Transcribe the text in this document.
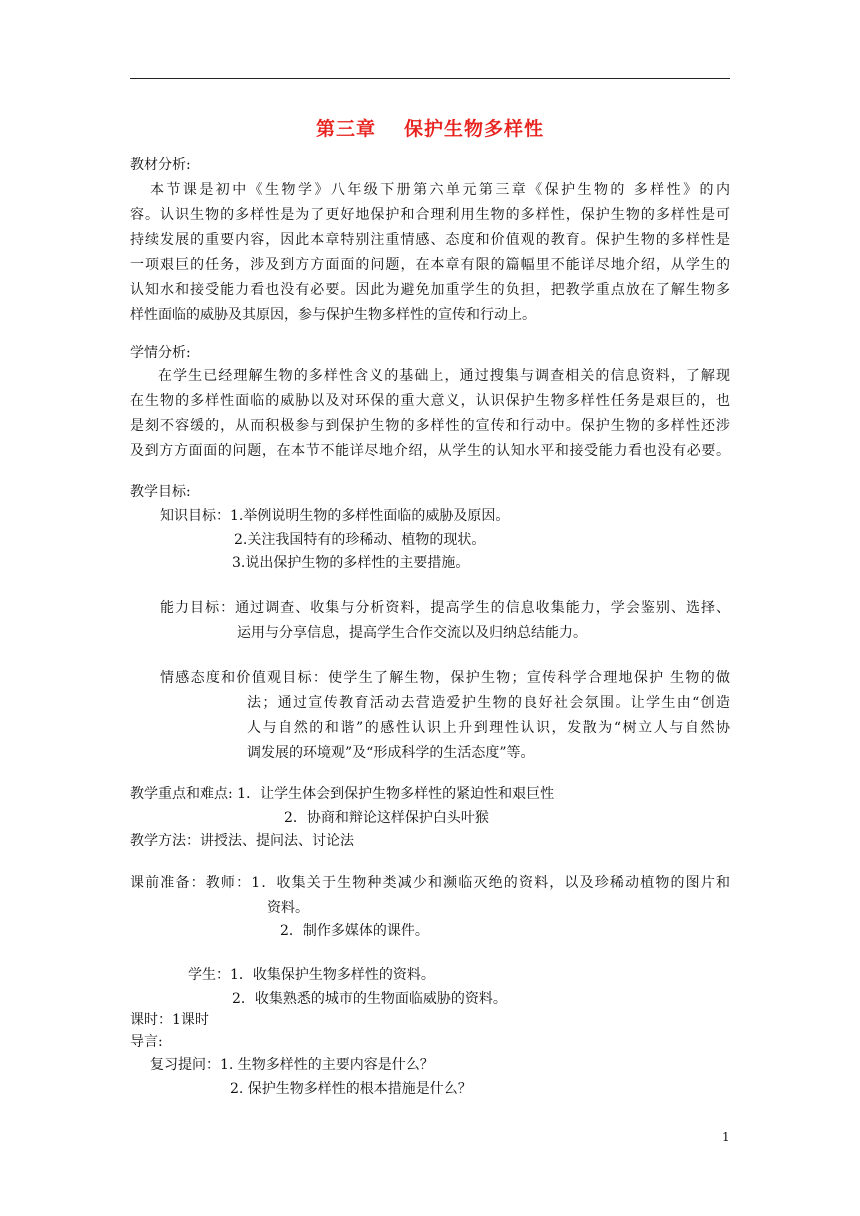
第三章 保护生物多样性
教材分析:
本节课是初中《生物学》八年级下册第六单元第三章《保护生物的 多样性》的内
容。认识生物的多样性是为了更好地保护和合理利用生物的多样性，保护生物的多样性是可
持续发展的重要内容，因此本章特别注重情感、态度和价值观的教育。保护生物的多样性是
一项艰巨的任务，涉及到方方面面的问题，在本章有限的篇幅里不能详尽地介绍，从学生的
认知水和接受能力看也没有必要。因此为避免加重学生的负担，把教学重点放在了解生物多
样性面临的威胁及其原因，参与保护生物多样性的宣传和行动上。
学情分析:
在学生已经理解生物的多样性含义的基础上，通过搜集与调查相关的信息资料，了解现
在生物的多样性面临的威胁以及对环保的重大意义，认识保护生物多样性任务是艰巨的，也
是刻不容缓的，从而积极参与到保护生物的多样性的宣传和行动中。保护生物的多样性还涉
及到方方面面的问题，在本节不能详尽地介绍，从学生的认知水平和接受能力看也没有必要。
教学目标:
知识目标：1.举例说明生物的多样性面临的威胁及原因。
2.关注我国特有的珍稀动、植物的现状。
3.说出保护生物的多样性的主要措施。
能力目标：通过调查、收集与分析资料，提高学生的信息收集能力，学会鉴别、选择、
运用与分享信息，提高学生合作交流以及归纳总结能力。
情感态度和价值观目标：使学生了解生物，保护生物；宣传科学合理地保护 生物的做
法；通过宣传教育活动去营造爱护生物的良好社会氛围。让学生由“创造
人与自然的和谐”的感性认识上升到理性认识，发散为“树立人与自然协
调发展的环境观”及“形成科学的生活态度”等。
教学重点和难点: 1．让学生体会到保护生物多样性的紧迫性和艰巨性
2．协商和辩论这样保护白头叶猴
教学方法：讲授法、提问法、讨论法
课前准备：教师：1．收集关于生物种类减少和濒临灭绝的资料，以及珍稀动植物的图片和
资料。
2．制作多媒体的课件。
学生：1．收集保护生物多样性的资料。
2．收集熟悉的城市的生物面临威胁的资料。
课时：1课时
导言:
复习提问：1. 生物多样性的主要内容是什么？
2. 保护生物多样性的根本措施是什么？
1
